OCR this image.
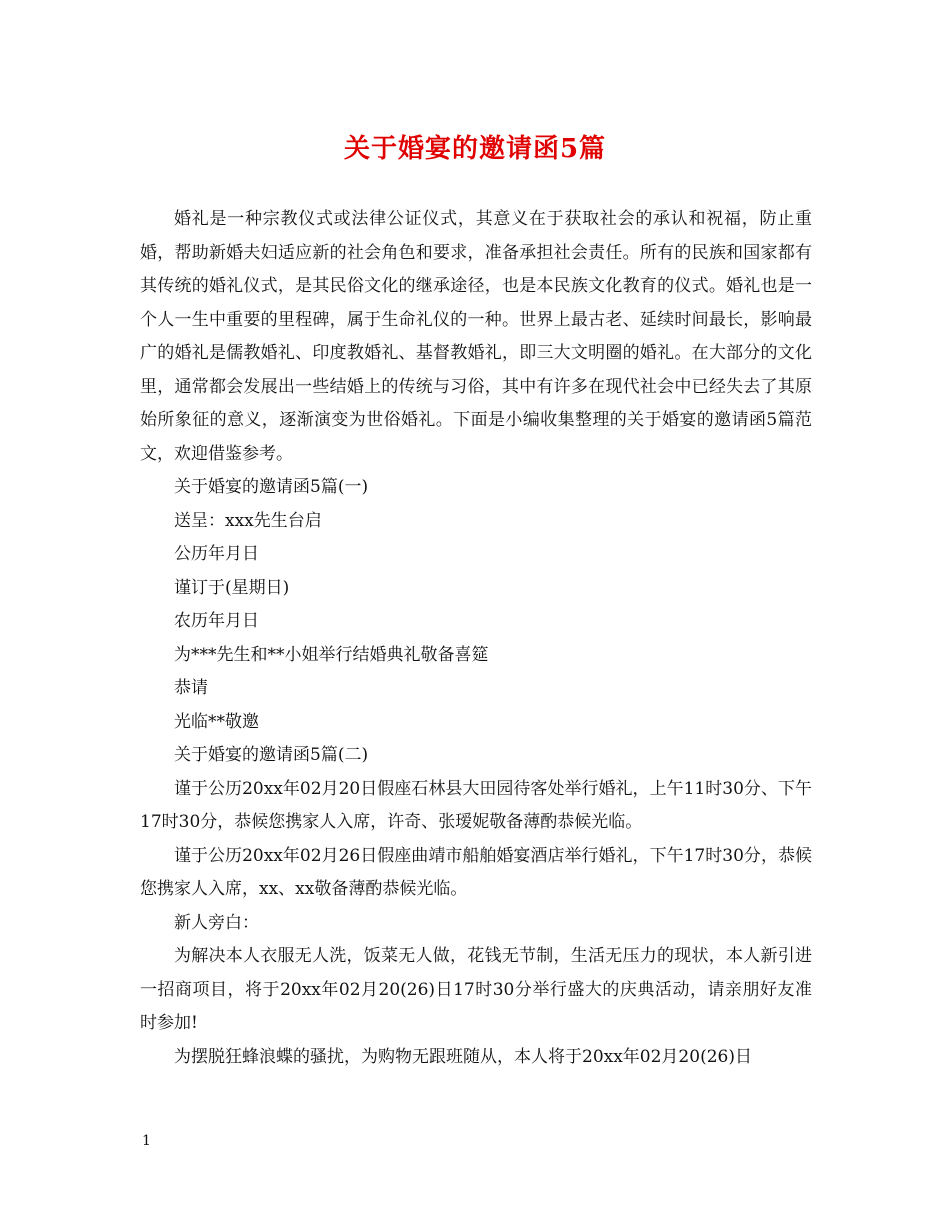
关于婚宴的邀请函5篇

婚礼是一种宗教仪式或法律公证仪式，其意义在于获取社会的承认和祝福，防止重婚，帮助新婚夫妇适应新的社会角色和要求，准备承担社会责任。所有的民族和国家都有其传统的婚礼仪式，是其民俗文化的继承途径，也是本民族文化教育的仪式。婚礼也是一个人一生中重要的里程碑，属于生命礼仪的一种。世界上最古老、延续时间最长，影响最广的婚礼是儒教婚礼、印度教婚礼、基督教婚礼，即三大文明圈的婚礼。在大部分的文化里，通常都会发展出一些结婚上的传统与习俗，其中有许多在现代社会中已经失去了其原始所象征的意义，逐渐演变为世俗婚礼。下面是小编收集整理的关于婚宴的邀请函5篇范文，欢迎借鉴参考。

关于婚宴的邀请函5篇(一)

送呈：xxx先生台启

公历年月日

谨订于(星期日)

农历年月日

为***先生和**小姐举行结婚典礼敬备喜筵

恭请

光临**敬邀

关于婚宴的邀请函5篇(二)

谨于公历20xx年02月20日假座石林县大田园待客处举行婚礼，上午11时30分、下午17时30分，恭候您携家人入席，许奇、张瑷妮敬备薄酌恭候光临。

谨于公历20xx年02月26日假座曲靖市船舶婚宴酒店举行婚礼，下午17时30分，恭候您携家人入席，xx、xx敬备薄酌恭候光临。

新人旁白：

为解决本人衣服无人洗，饭菜无人做，花钱无节制，生活无压力的现状，本人新引进一招商项目，将于20xx年02月20(26)日17时30分举行盛大的庆典活动，请亲朋好友准时参加!

为摆脱狂蜂浪蝶的骚扰，为购物无跟班随从，本人将于20xx年02月20(26)日

1
